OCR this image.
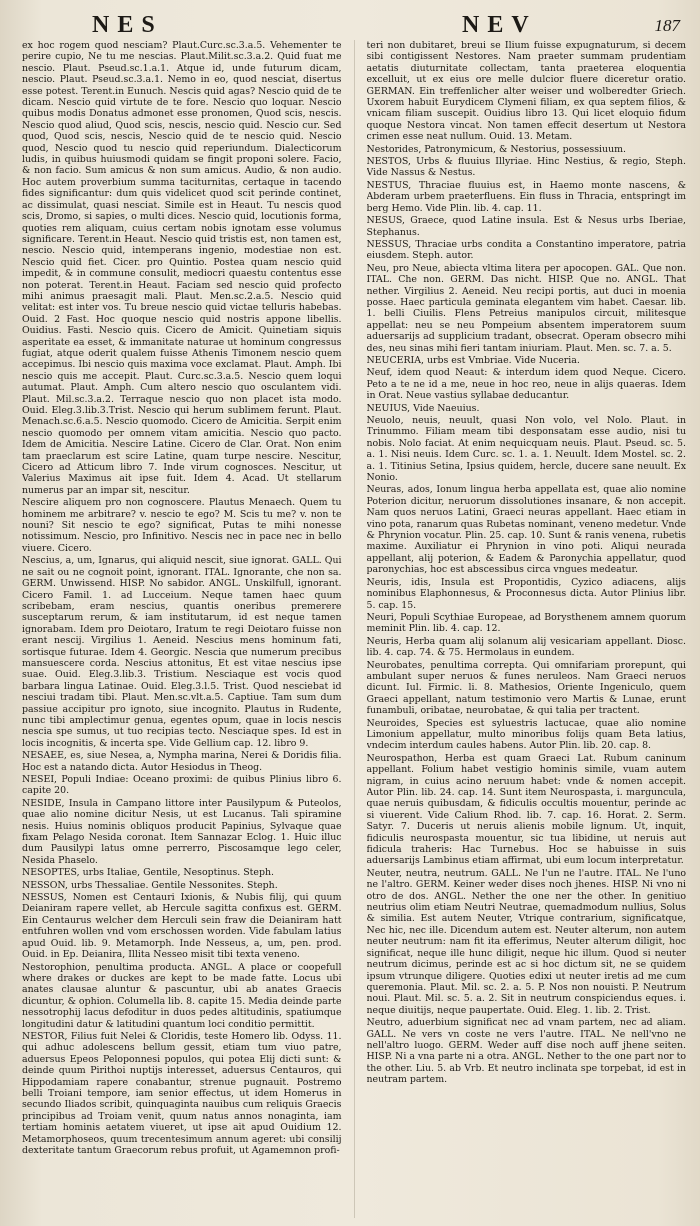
NES	NEV	187

ex hoc rogem quod nesciam? Plaut.Curc.sc.3.a.5. Vehementer te perire cupio, Ne tu me nescias. Plaut.Milit.sc.3.a.2. Quid fuat me nescio. Plaut. Pseud.sc.1.a.1. Atque id, unde futurum dicam, nescio. Plaut. Pseud.sc.3.a.1. Nemo in eo, quod nesciat, disertus esse potest. Terent.in Eunuch. Nescis quid agas? Nescio quid de te dicam. Nescio quid virtute de te fore. Nescio quo loquar. Nescio quibus modis Donatus admonet esse pronomen, Quod scis, nescis. Nescio quod aliud, Quod scis, nescis, nescio quid. Nescio cur. Sed quod, Quod scis, nescis, Nescio quid de te nescio quid. Nescio quod, Nescio quod tu nescio quid reperiundum. Dialecticorum ludis, in quibus huiusmodi quidam se fingit proponi solere. Facio, & non facio. Sum amicus & non sum amicus. Audio, & non audio. Hoc autem proverbium summa taciturnitas, certaque in tacendo fides significantur: dum quis videlicet quod scit perinde continet, ac dissimulat, quasi nesciat. Simile est in Heaut. Tu nescis quod scis, Dromo, si sapies, o multi dices. Nescio quid, locutionis forma, quoties rem aliquam, cuius certam nobis ignotam esse volumus significare. Terent.in Heaut. Nescio quid tristis est, non tamen est, nescio. Nescio quid, intemperans ingenio, modestiae non est. Nescio quid fiet. Cicer. pro Quintio. Postea quam nescio quid impedit, & in commune consulit, mediocri quaestu contentus esse non poterat. Terent.in Heaut. Faciam sed nescio quid profecto mihi animus praesagit mali. Plaut. Men.sc.2.a.5. Nescio quid velitat: est inter vos. Tu breue nescio quid victae telluris habebas. Ouid. 2 Fast. Hoc quoque nescio quid nostris appone libellis. Ouidius. Fasti. Nescio quis. Cicero de Amicit. Quinetiam siquis asperitate ea esset, & immanitate naturae ut hominum congressus fugiat, atque oderit qualem fuisse Athenis Timonem nescio quem accepimus. Ibi nescio quis maxima voce exclamat. Plaut. Amph. Ibi nescio quis me accepit. Plaut. Curc.sc.3.a.5. Nescio quem loqui autumat. Plaut. Amph. Cum altero nescio quo osculantem vidi. Plaut. Mil.sc.3.a.2. Terraque nescio quo non placet ista modo. Ouid. Eleg.3.lib.3.Trist. Nescio qui herum sublimem ferunt. Plaut. Menach.sc.6.a.5. Nescio quomodo. Cicero de Amicitia. Serpit enim nescio quomodo per omnem vitam amicitia. Nescio quo pacto. Idem de Amicitia. Nescire Latine. Cicero de Clar. Orat. Non enim tam praeclarum est scire Latine, quam turpe nescire. Nescitur, Cicero ad Atticum libro 7. Inde virum cognosces. Nescitur, ut Valerius Maximus ait ipse fuit. Idem 4. Acad. Ut stellarum numerus par an impar sit, nescitur.

Nescire aliquem pro non cognoscere. Plautus Menaech. Quem tu hominem me arbitrare? v. nescio te ego? M. Scis tu me? v. non te nouni? Sit nescio te ego? significat, Putas te mihi nonesse notissimum. Nescio, pro Infinitivo. Nescis nec in pace nec in bello viuere. Cicero.

Nescius, a, um, Ignarus, qui aliquid nescit, siue ignorat. GALL. Qui ne sait ou ne cognoit point, ignorant. ITAL. Ignorante, che non sa. GERM. Unwissend. HISP. No sabidor. ANGL. Unskilfull, ignorant. Cicero Famil. 1. ad Lucceium. Neque tamen haec quum scribebam, eram nescius, quantis oneribus premerere susceptarum rerum, & iam institutarum, id est neque tamen ignorabam. Idem pro Deiotaro, Iratum te regi Deiotaro fuisse non erant nescij. Virgilius 1. Aeneid. Nescius mens hominum fati, sortisque futurae. Idem 4. Georgic. Nescia que numerum precibus mansuescere corda. Nescius attonitus, Et est vitae nescius ipse suae. Ouid. Eleg.3.lib.3. Tristium. Nesciaque est vocis quod barbara lingua Latinae. Ouid. Eleg.3.l.5. Trist. Quod nesciebat id nesciui tradam tibi. Plaut. Men.sc.vlt.a.5. Captiue. Tam sum dum passiue accipitur pro ignoto, siue incognito. Plautus in Rudente, nunc tibi amplectimur genua, egentes opum, quae in locis nescis nescia spe sumus, ut tuo recipias tecto. Nesciaque spes. Id est in locis incognitis, & incerta spe. Vide Gellium cap. 12. libro 9.

NESAEE, es, siue Nesea, a, Nympha marina, Nerei & Doridis filia. Hoc est a natando dicta. Autor Hesiodus in Theog.

NESEI, Populi Indiae: Oceano proximi: de quibus Plinius libro 6. capite 20.

NESIDE, Insula in Campano littore inter Pausilypum & Puteolos, quae alio nomine dicitur Nesis, ut est Lucanus. Tali spiramine nesis. Huius nominis obliquos producit Papinius, Sylvaque quae fixam Pelago Nesida coronat. Item Sannazar Eclog. 1. Huic illuc dum Pausilypi latus omne perrerro, Piscosamque lego celer, Nesida Phaselo.

NESOPTES, urbs Italiae, Gentile, Nesoptinus. Steph.

NESSON, urbs Thessaliae. Gentile Nessonites. Steph.

NESSUS, Nomen est Centauri Ixionis, & Nubis filij, qui quum Deianiram rapere vellet, ab Hercule sagitta confixus est. GERM. Ein Centaurus welcher dem Herculi sein fraw die Deianiram hatt entfuhren wollen vnd vom erschossen worden. Vide fabulam latius apud Ouid. lib. 9. Metamorph. Inde Nesseus, a, um, pen. prod. Ouid. in Ep. Deianira, Illita Nesseo misit tibi texta veneno.

Nestorophion, penultima producta. ANGL. A place or coopefull where drakes or duckes are kept to be made fatte. Locus ubi anates clausae aluntur & pascuntur, ubi ab anates Graecis dicuntur, & ophion. Columella lib. 8. capite 15. Media deinde parte nessotrophij lacus defoditur in duos pedes altitudinis, spatiumque longitudini datur & latitudini quantum loci conditio permittit.

NESTOR, Filius fuit Nelei & Cloridis, teste Homero lib. Odyss. 11. qui adhuc adolescens bellum gessit, etiam tum viuo patre, aduersus Epeos Peloponnesi populos, qui potea Elij dicti sunt: & deinde quum Pirithoi nuptijs interesset, aduersus Centauros, qui Hippodamiam rapere conabantur, strenue pugnauit. Postremo belli Troiani tempore, iam senior effectus, ut idem Homerus in secundo Iliados scribit, quinquaginta nauibus cum reliquis Graecis principibus ad Troiam venit, quum natus annos nonaginta, iam tertiam hominis aetatem viueret, ut ipse ait apud Ouidium 12. Metamorphoseos, quum trecentesimum annum ageret: ubi consilij dexteritate tantum Graecorum rebus profuit, ut Agamemnon profi-

teri non dubitaret, breui se Ilium fuisse expugnaturum, si decem sibi contigissent Nestores. Nam praeter summam prudentiam aetatis diuturnitate collectam, tanta praeterea eloquentia excelluit, ut ex eius ore melle dulcior fluere diceretur oratio. GERMAN. Ein treffenlicher alter weiser und wolberedter Griech. Uxorem habuit Eurydicem Clymeni filiam, ex qua septem filios, & vnicam filiam suscepit. Ouidius libro 13. Qui licet eloquio fidum quoque Nestora vincat. Non tamen effecit desertum ut Nestora crimen esse neat nullum. Ouid. 13. Metam.

Nestorides, Patronymicum, & Nestorius, possessiuum.

NESTOS, Urbs & fluuius Illyriae. Hinc Nestius, & regio, Steph. Vide Nassus & Nestus.

NESTUS, Thraciae fluuius est, in Haemo monte nascens, & Abderam urbem praeterfluens. Ein fluss in Thracia, entspringt im berg Hemo. Vide Plin. lib. 4. cap. 11.

NESUS, Graece, quod Latine insula. Est & Nesus urbs Iberiae, Stephanus.

NESSUS, Thraciae urbs condita a Constantino imperatore, patria eiusdem. Steph. autor.

Neu, pro Neue, abiecta vltima litera per apocopen. GAL. Que non. ITAL. Che non. GERM. Das nicht. HISP. Que no. ANGL. That nether. Virgilius 2. Aeneid. Neu recipi portis, aut duci in moenia posse. Haec particula geminata elegantem vim habet. Caesar. lib. 1. belli Ciuilis. Flens Petreius manipulos circuit, militesque appellat: neu se neu Pompeium absentem imperatorem suum aduersarijs ad supplicium tradant, obsecrat. Operam obsecro mihi des, neu sinas mihi fieri tantam iniuriam. Plaut. Men. sc. 7. a. 5.

NEUCERIA, urbs est Vmbriae. Vide Nuceria.

Neuf, idem quod Neaut: & interdum idem quod Neque. Cicero. Peto a te ne id a me, neue in hoc reo, neue in alijs quaeras. Idem in Orat. Neue vastius syllabae deducantur.

NEUIUS, Vide Naeuius.

Neuolo, neuis, neuult, quasi Non volo, vel Nolo. Plaut. in Trinummo. Filiam meam tibi desponsatam esse audio, nisi tu nobis. Nolo faciat. At enim nequicquam neuis. Plaut. Pseud. sc. 5. a. 1. Nisi neuis. Idem Curc. sc. 1. a. 1. Neuult. Idem Mostel. sc. 2. a. 1. Titinius Setina, Ipsius quidem, hercle, ducere sane neuult. Ex Nonio.

Neuras, ados, Ionum lingua herba appellata est, quae alio nomine Poterion dicitur, neruorum dissolutiones insanare, & non accepit. Nam quos neruos Latini, Graeci neuras appellant. Haec etiam in vino pota, ranarum quas Rubetas nominant, veneno medetur. Vnde & Phrynion vocatur. Plin. 25. cap. 10. Sunt & ranis venena, rubetis maxime. Auxiliatur ei Phrynion in vino poti. Aliqui neurada appellant, alij poterion, & Eadem & Paronychia appellatur, quod paronychias, hoc est abscessibus circa vngues medeatur.

Neuris, idis, Insula est Propontidis, Cyzico adiacens, alijs nominibus Elaphonnesus, & Proconnesus dicta. Autor Plinius libr. 5. cap. 15.

Neuri, Populi Scythiae Europeae, ad Borysthenem amnem quorum meminit Plin. lib. 4. cap. 12.

Neuris, Herba quam alij solanum alij vesicariam appellant. Diosc. lib. 4. cap. 74. & 75. Hermolaus in eundem.

Neurobates, penultima correpta. Qui omnifariam prorepunt, qui ambulant super neruos & funes neruleos. Nam Graeci neruos dicunt. Iul. Firmic. li. 8. Mathesios, Oriente Ingeniculo, quem Graeci appellant, natum testimonio vero Martis & Lunae, erunt funambuli, oribatae, neurobatae, & qui talia per tractent.

Neuroides, Species est syluestris lactucae, quae alio nomine Limonium appellatur, multo minoribus folijs quam Beta latius, vndecim interdum caules habens. Autor Plin. lib. 20. cap. 8.

Neurospathon, Herba est quam Graeci Lat. Rubum caninum appellant. Folium habet vestigio hominis simile, vuam autem nigram, in cuius acino neruum habet: vnde & nomen accepit. Autor Plin. lib. 24. cap. 14. Sunt item Neurospasta, i. marguncula, quae neruis quibusdam, & fidiculis occultis mouentur, perinde ac si viuerent. Vide Calium Rhod. lib. 7. cap. 16. Horat. 2. Serm. Satyr. 7. Duceris ut neruis alienis mobile lignum. Ut, inquit, fidiculis neurospasta mouentur, sic tua libidine, ut neruis aut fidicula traheris: Hac Turnebus. Hoc se habuisse in suis aduersarijs Lambinus etiam affirmat, ubi eum locum interpretatur.

Neuter, neutra, neutrum. GALL. Ne l'un ne l'autre. ITAL. Ne l'uno ne l'altro. GERM. Keiner weder dises noch jhenes. HISP. Ni vno ni otro de dos. ANGL. Nether the one ner the other. In genitiuo neutrius olim etiam Neutri Neutrae, quemadmodum nullius, Solus & similia. Est autem Neuter, Vtrique contrarium, significatque, Nec hic, nec ille. Dicendum autem est. Neuter alterum, non autem neuter neutrum: nam fit ita efferimus, Neuter alterum diligit, hoc significat, neque ille hunc diligit, neque hic illum. Quod si neuter neutrum dicimus, perinde est ac si hoc dictum sit, ne se quidem ipsum vtrunque diligere. Quoties edixi ut neuter iretis ad me cum queremonia. Plaut. Mil. sc. 2. a. 5. P. Nos non nouisti. P. Neutrum noui. Plaut. Mil. sc. 5. a. 2. Sit in neutrum conspiciendus eques. i. neque diuitijs, neque paupertate. Ouid. Eleg. 1. lib. 2. Trist.

Neutro, aduerbium significat nec ad vnam partem, nec ad aliam. GALL. Ne vers vn coste ne vers l'autre. ITAL. Ne nell'vno ne nell'altro luogo. GERM. Weder auff dise noch auff jhene seiten. HISP. Ni a vna parte ni a otra. ANGL. Nether to the one part nor to the other. Liu. 5. ab Vrb. Et neutro inclinata spe torpebat, id est in neutram partem.
